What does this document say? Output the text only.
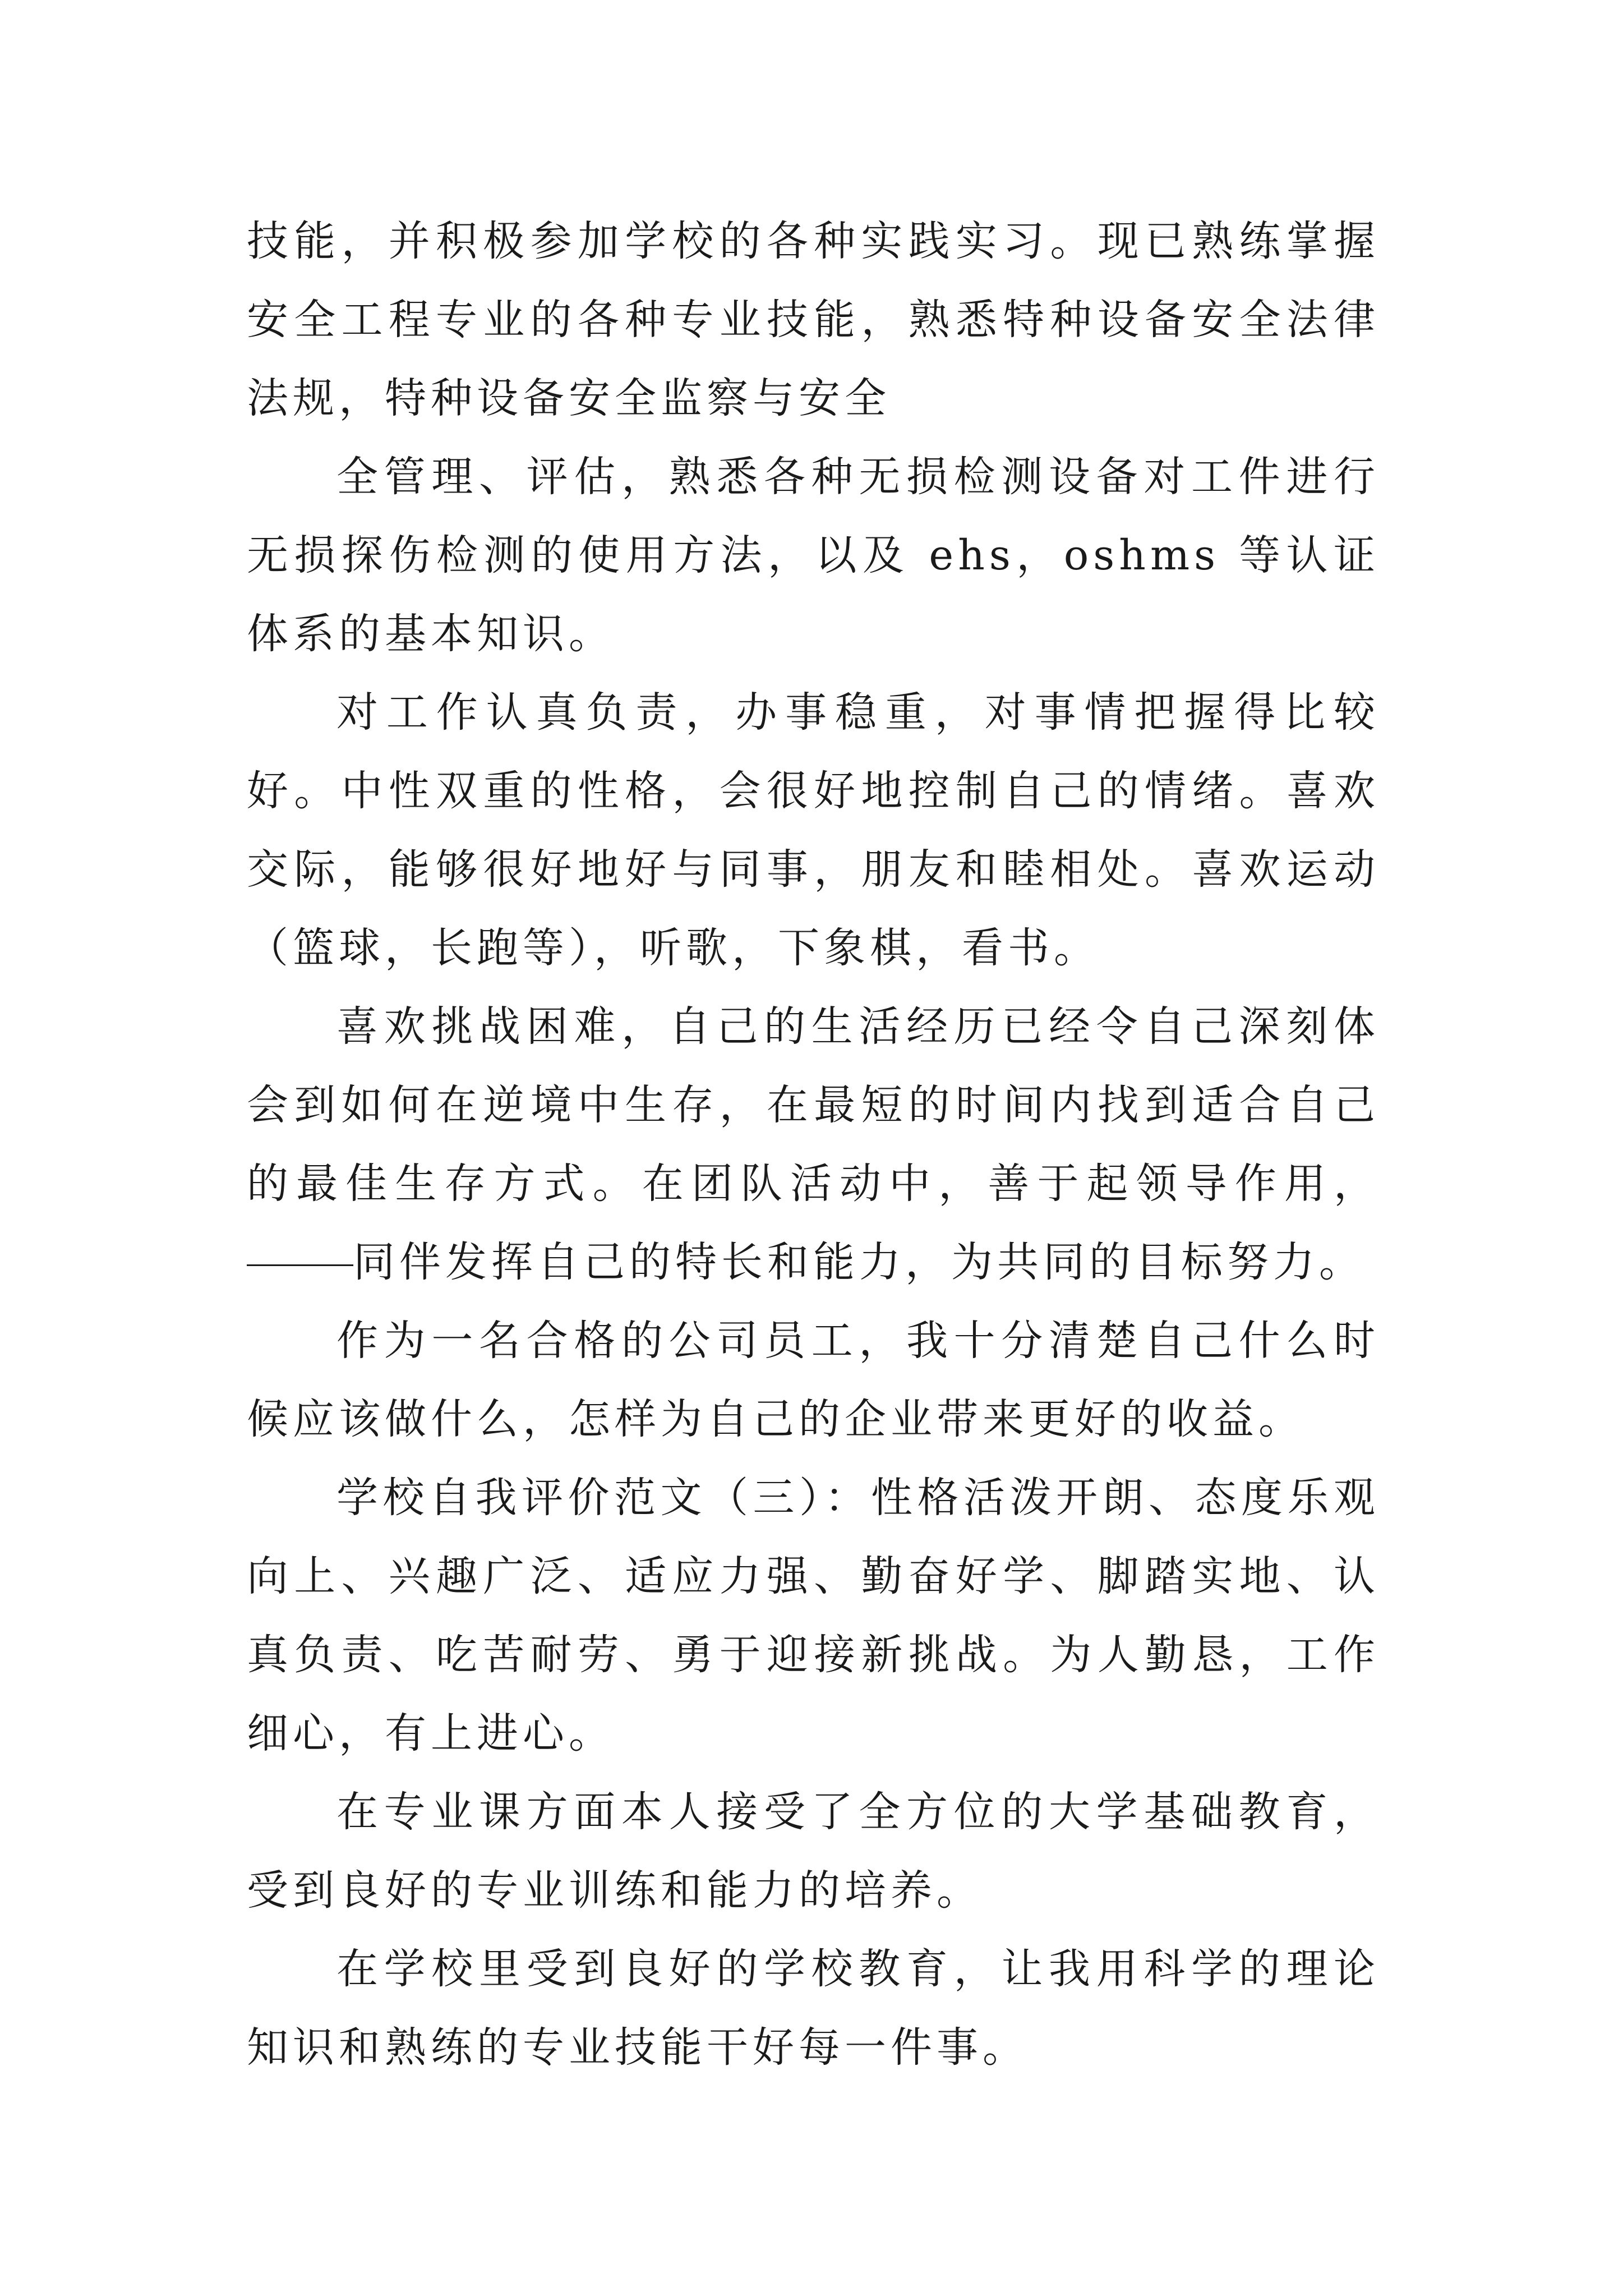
技能，并积极参加学校的各种实践实习。现已熟练掌握安全工程专业的各种专业技能，熟悉特种设备安全法律法规，特种设备安全监察与安全

全管理、评估，熟悉各种无损检测设备对工件进行无损探伤检测的使用方法，以及 ehs，oshms 等认证体系的基本知识。

对工作认真负责，办事稳重，对事情把握得比较好。中性双重的性格，会很好地控制自己的情绪。喜欢交际，能够很好地好与同事，朋友和睦相处。喜欢运动（篮球，长跑等），听歌，下象棋，看书。

喜欢挑战困难，自己的生活经历已经令自己深刻体会到如何在逆境中生存，在最短的时间内找到适合自己的最佳生存方式。在团队活动中，善于起领导作用，同伴发挥自己的特长和能力，为共同的目标努力。

作为一名合格的公司员工，我十分清楚自己什么时候应该做什么，怎样为自己的企业带来更好的收益。

学校自我评价范文（三）：性格活泼开朗、态度乐观向上、兴趣广泛、适应力强、勤奋好学、脚踏实地、认真负责、吃苦耐劳、勇于迎接新挑战。为人勤恳，工作细心，有上进心。

在专业课方面本人接受了全方位的大学基础教育，受到良好的专业训练和能力的培养。

在学校里受到良好的学校教育，让我用科学的理论知识和熟练的专业技能干好每一件事。
